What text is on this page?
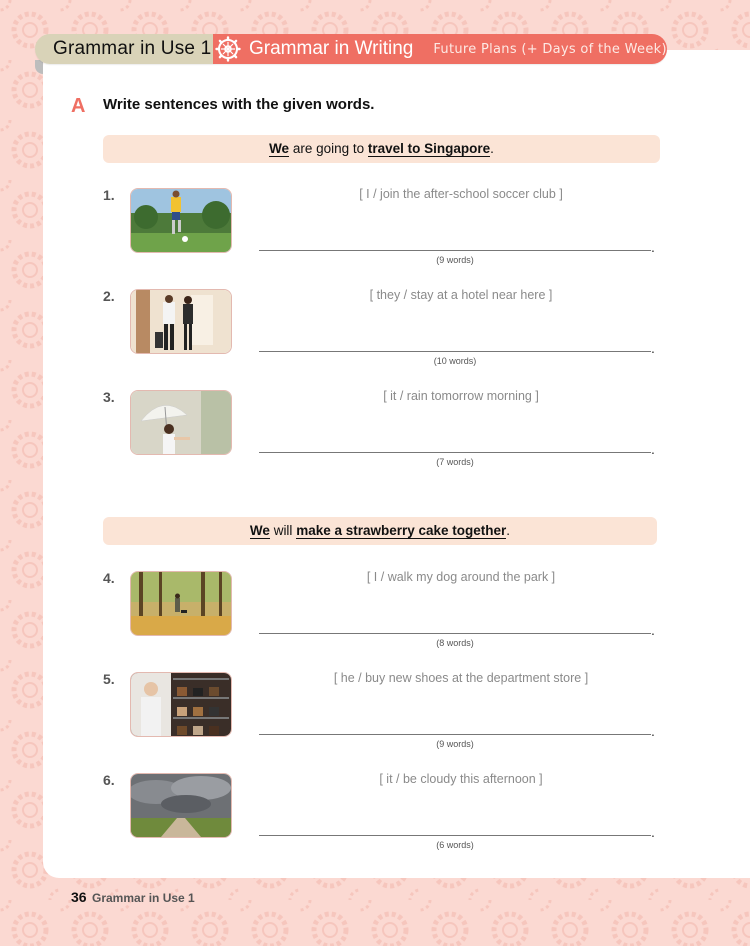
Grammar in Use 1 Grammar in Writing Future Plans (+ Days of the Week)
A Write sentences with the given words.
We are going to travel to Singapore.
1.	[ I / join the after-school soccer club ]
.
(9 words)
2.	[ they / stay at a hotel near here ]
.
(10 words)
3.	[ it / rain tomorrow morning ]
.
(7 words)
We will make a strawberry cake together.
4.	[ I / walk my dog around the park ]
.
(8 words)
5.	[ he / buy new shoes at the department store ]
.
(9 words)
6.	[ it / be cloudy this afternoon ]
.
(6 words)
36 Grammar in Use 1
